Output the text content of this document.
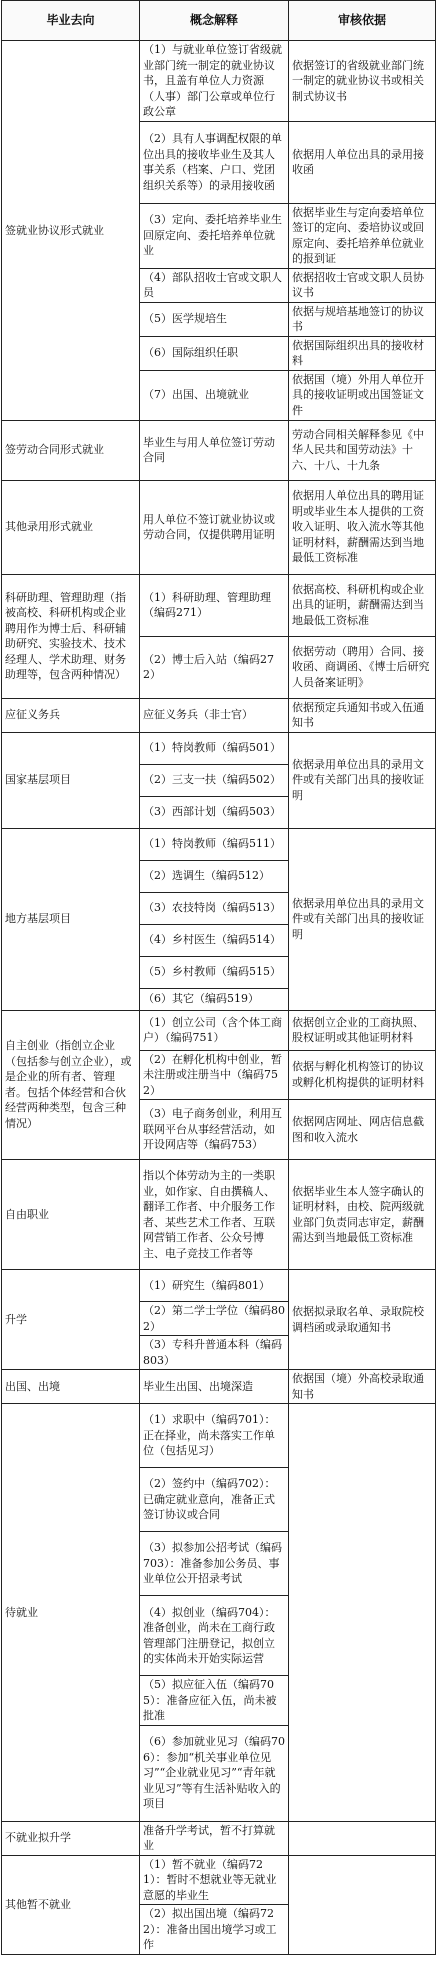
毕业去向	概念解释	审核依据
签就业协议形式就业	（1）与就业单位签订省级就业部门统一制定的就业协议书，且盖有单位人力资源（人事）部门公章或单位行政公章	依据签订的省级就业部门统一制定的就业协议书或相关制式协议书
	（2）具有人事调配权限的单位出具的接收毕业生及其人事关系（档案、户口、党团组织关系等）的录用接收函	依据用人单位出具的录用接收函
	（3）定向、委托培养毕业生回原定向、委托培养单位就业	依据毕业生与定向委培单位签订的定向、委培协议或回原定向、委托培养单位就业的报到证
	（4）部队招收士官或文职人员	依据招收士官或文职人员协议书
	（5）医学规培生	依据与规培基地签订的协议书
	（6）国际组织任职	依据国际组织出具的接收材料
	（7）出国、出境就业	依据国（境）外用人单位开具的接收证明或出国签证文件
签劳动合同形式就业	毕业生与用人单位签订劳动合同	劳动合同相关解释参见《中华人民共和国劳动法》十六、十八、十九条
其他录用形式就业	用人单位不签订就业协议或劳动合同，仅提供聘用证明	依据用人单位出具的聘用证明或毕业生本人提供的工资收入证明、收入流水等其他证明材料，薪酬需达到当地最低工资标准
科研助理、管理助理（指被高校、科研机构或企业聘用作为博士后、科研辅助研究、实验技术、技术经理人、学术助理、财务助理等，包含两种情况）	（1）科研助理、管理助理（编码271）	依据高校、科研机构或企业出具的证明，薪酬需达到当地最低工资标准
	（2）博士后入站（编码272）	依据劳动（聘用）合同、接收函、商调函、《博士后研究人员备案证明》
应征义务兵	应征义务兵（非士官）	依据预定兵通知书或入伍通知书
国家基层项目	（1）特岗教师（编码501）	依据录用单位出具的录用文件或有关部门出具的接收证明
	（2）三支一扶（编码502）	
	（3）西部计划（编码503）	
地方基层项目	（1）特岗教师（编码511）	依据录用单位出具的录用文件或有关部门出具的接收证明
	（2）选调生（编码512）	
	（3）农技特岗（编码513）	
	（4）乡村医生（编码514）	
	（5）乡村教师（编码515）	
	（6）其它（编码519）	
自主创业（指创立企业（包括参与创立企业），或是企业的所有者、管理者。包括个体经营和合伙经营两种类型，包含三种情况）	（1）创立公司（含个体工商户）（编码751）	依据创立企业的工商执照、股权证明或其他证明材料
	（2）在孵化机构中创业，暂未注册或注册当中（编码752）	依据与孵化机构签订的协议或孵化机构提供的证明材料
	（3）电子商务创业，利用互联网平台从事经营活动，如开设网店等（编码753）	依据网店网址、网店信息截图和收入流水
自由职业	指以个体劳动为主的一类职业，如作家、自由撰稿人、翻译工作者、中介服务工作者、某些艺术工作者、互联网营销工作者、公众号博主、电子竞技工作者等	依据毕业生本人签字确认的证明材料，由校、院两级就业部门负责同志审定，薪酬需达到当地最低工资标准
升学	（1）研究生（编码801）	依据拟录取名单、录取院校调档函或录取通知书
	（2）第二学士学位（编码802）	
	（3）专科升普通本科（编码803）	
出国、出境	毕业生出国、出境深造	依据国（境）外高校录取通知书
待就业	（1）求职中（编码701）：正在择业，尚未落实工作单位（包括见习）	
	（2）签约中（编码702）：已确定就业意向，准备正式签订协议或合同	
	（3）拟参加公招考试（编码703）：准备参加公务员、事业单位公开招录考试	
	（4）拟创业（编码704）：准备创业，尚未在工商行政管理部门注册登记，拟创立的实体尚未开始实际运营	
	（5）拟应征入伍（编码705）：准备应征入伍，尚未被批准	
	（6）参加就业见习（编码706）：参加“机关事业单位见习”“企业就业见习”“青年就业见习”等有生活补贴收入的项目	
不就业拟升学	准备升学考试，暂不打算就业	
其他暂不就业	（1）暂不就业（编码721）：暂时不想就业等无就业意愿的毕业生	
	（2）拟出国出境（编码722）：准备出国出境学习或工作	
